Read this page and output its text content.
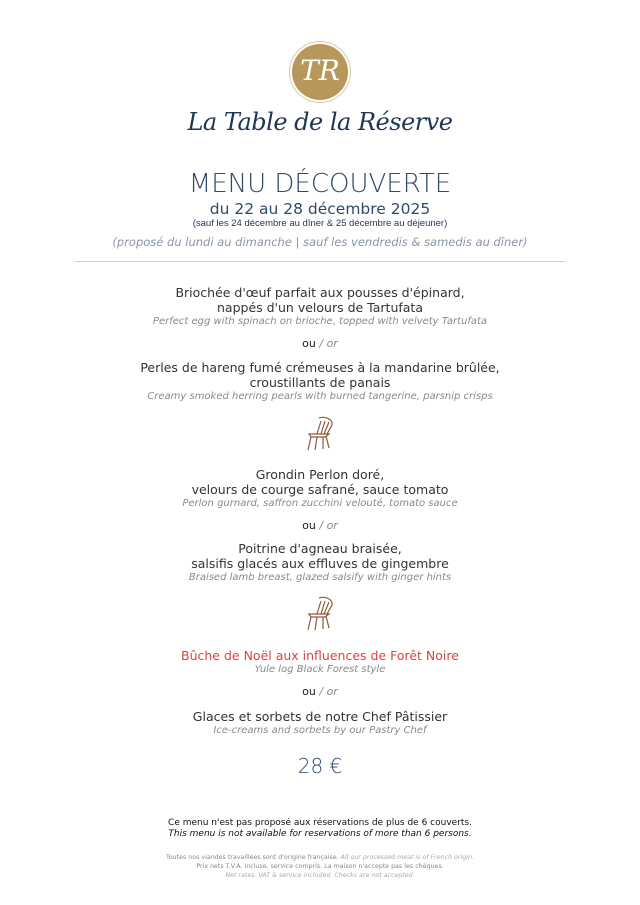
TR
La Table de la Réserve
MENU DÉCOUVERTE
du 22 au 28 décembre 2025
(sauf les 24 décembre au dîner & 25 décembre au déjeuner)
(proposé du lundi au dimanche | sauf les vendredis & samedis au dîner)
Briochée d'œuf parfait aux pousses d'épinard,
nappés d'un velours de Tartufata
Perfect egg with spinach on brioche, topped with velvety Tartufata
ou / or
Perles de hareng fumé crémeuses à la mandarine brûlée,
croustillants de panais
Creamy smoked herring pearls with burned tangerine, parsnip crisps
Grondin Perlon doré,
velours de courge safrané, sauce tomato
Perlon gurnard, saffron zucchini velouté, tomato sauce
ou / or
Poitrine d'agneau braisée,
salsifis glacés aux effluves de gingembre
Braised lamb breast, glazed salsify with ginger hints
Bûche de Noël aux influences de Forêt Noire
Yule log Black Forest style
ou / or
Glaces et sorbets de notre Chef Pâtissier
Ice-creams and sorbets by our Pastry Chef
28 €
Ce menu n'est pas proposé aux réservations de plus de 6 couverts.
This menu is not available for reservations of more than 6 persons.
Toutes nos viandes travaillées sont d'origine française. All our processed meat is of French origin.
Prix nets T.V.A. incluse, service compris. La maison n'accepte pas les chèques.
Net rates. VAT & service included. Checks are not accepted.
